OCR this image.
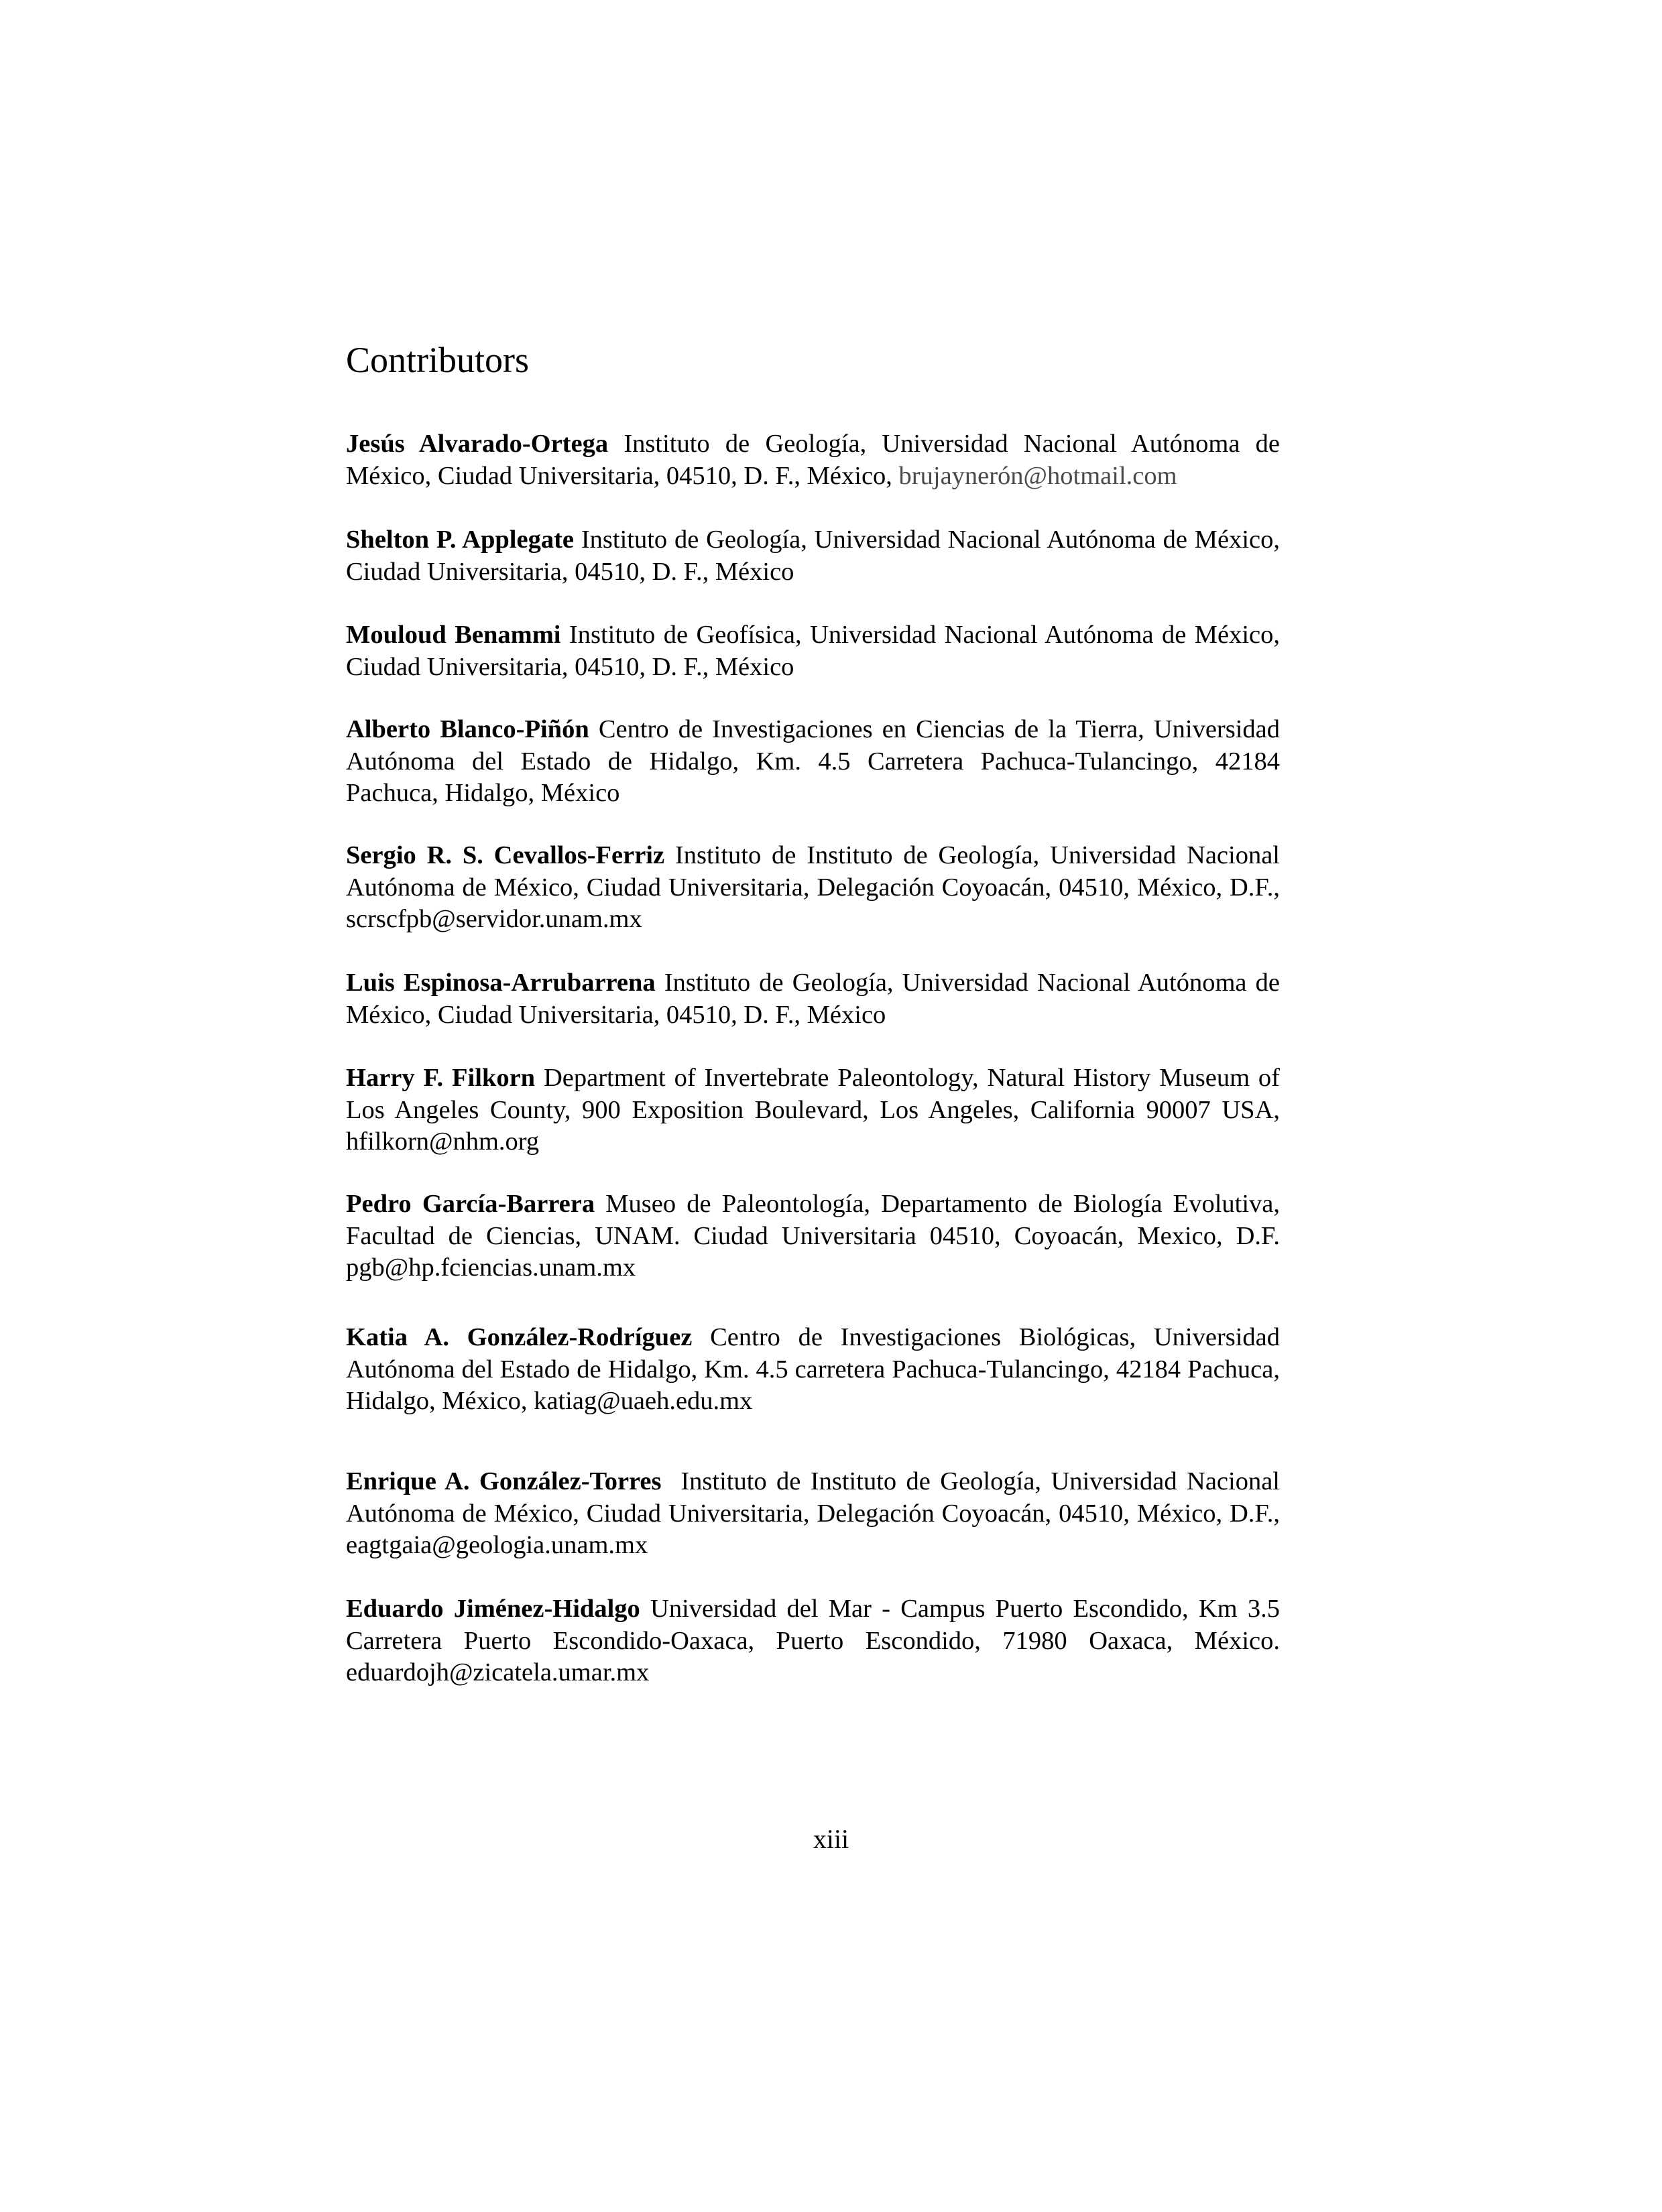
Contributors

Jesús Alvarado-Ortega Instituto de Geología, Universidad Nacional Autónoma de México, Ciudad Universitaria, 04510, D. F., México, brujaynerón@hotmail.com

Shelton P. Applegate Instituto de Geología, Universidad Nacional Autónoma de México, Ciudad Universitaria, 04510, D. F., México

Mouloud Benammi Instituto de Geofísica, Universidad Nacional Autónoma de México, Ciudad Universitaria, 04510, D. F., México

Alberto Blanco-Piñón Centro de Investigaciones en Ciencias de la Tierra, Universidad Autónoma del Estado de Hidalgo, Km. 4.5 Carretera Pachuca-Tulancingo, 42184 Pachuca, Hidalgo, México

Sergio R. S. Cevallos-Ferriz Instituto de Instituto de Geología, Universidad Nacional Autónoma de México, Ciudad Universitaria, Delegación Coyoacán, 04510, México, D.F., scrscfpb@servidor.unam.mx

Luis Espinosa-Arrubarrena Instituto de Geología, Universidad Nacional Autónoma de México, Ciudad Universitaria, 04510, D. F., México

Harry F. Filkorn Department of Invertebrate Paleontology, Natural History Museum of Los Angeles County, 900 Exposition Boulevard, Los Angeles, California 90007 USA, hfilkorn@nhm.org

Pedro García-Barrera Museo de Paleontología, Departamento de Biología Evolutiva, Facultad de Ciencias, UNAM. Ciudad Universitaria 04510, Coyoacán, Mexico, D.F. pgb@hp.fciencias.unam.mx

Katia A. González-Rodríguez Centro de Investigaciones Biológicas, Universidad Autónoma del Estado de Hidalgo, Km. 4.5 carretera Pachuca-Tulancingo, 42184 Pachuca, Hidalgo, México, katiag@uaeh.edu.mx

Enrique A. González-Torres  Instituto de Instituto de Geología, Universidad Nacional Autónoma de México, Ciudad Universitaria, Delegación Coyoacán, 04510, México, D.F., eagtgaia@geologia.unam.mx

Eduardo Jiménez-Hidalgo Universidad del Mar - Campus Puerto Escondido, Km 3.5 Carretera Puerto Escondido-Oaxaca, Puerto Escondido, 71980 Oaxaca, México. eduardojh@zicatela.umar.mx

xiii
